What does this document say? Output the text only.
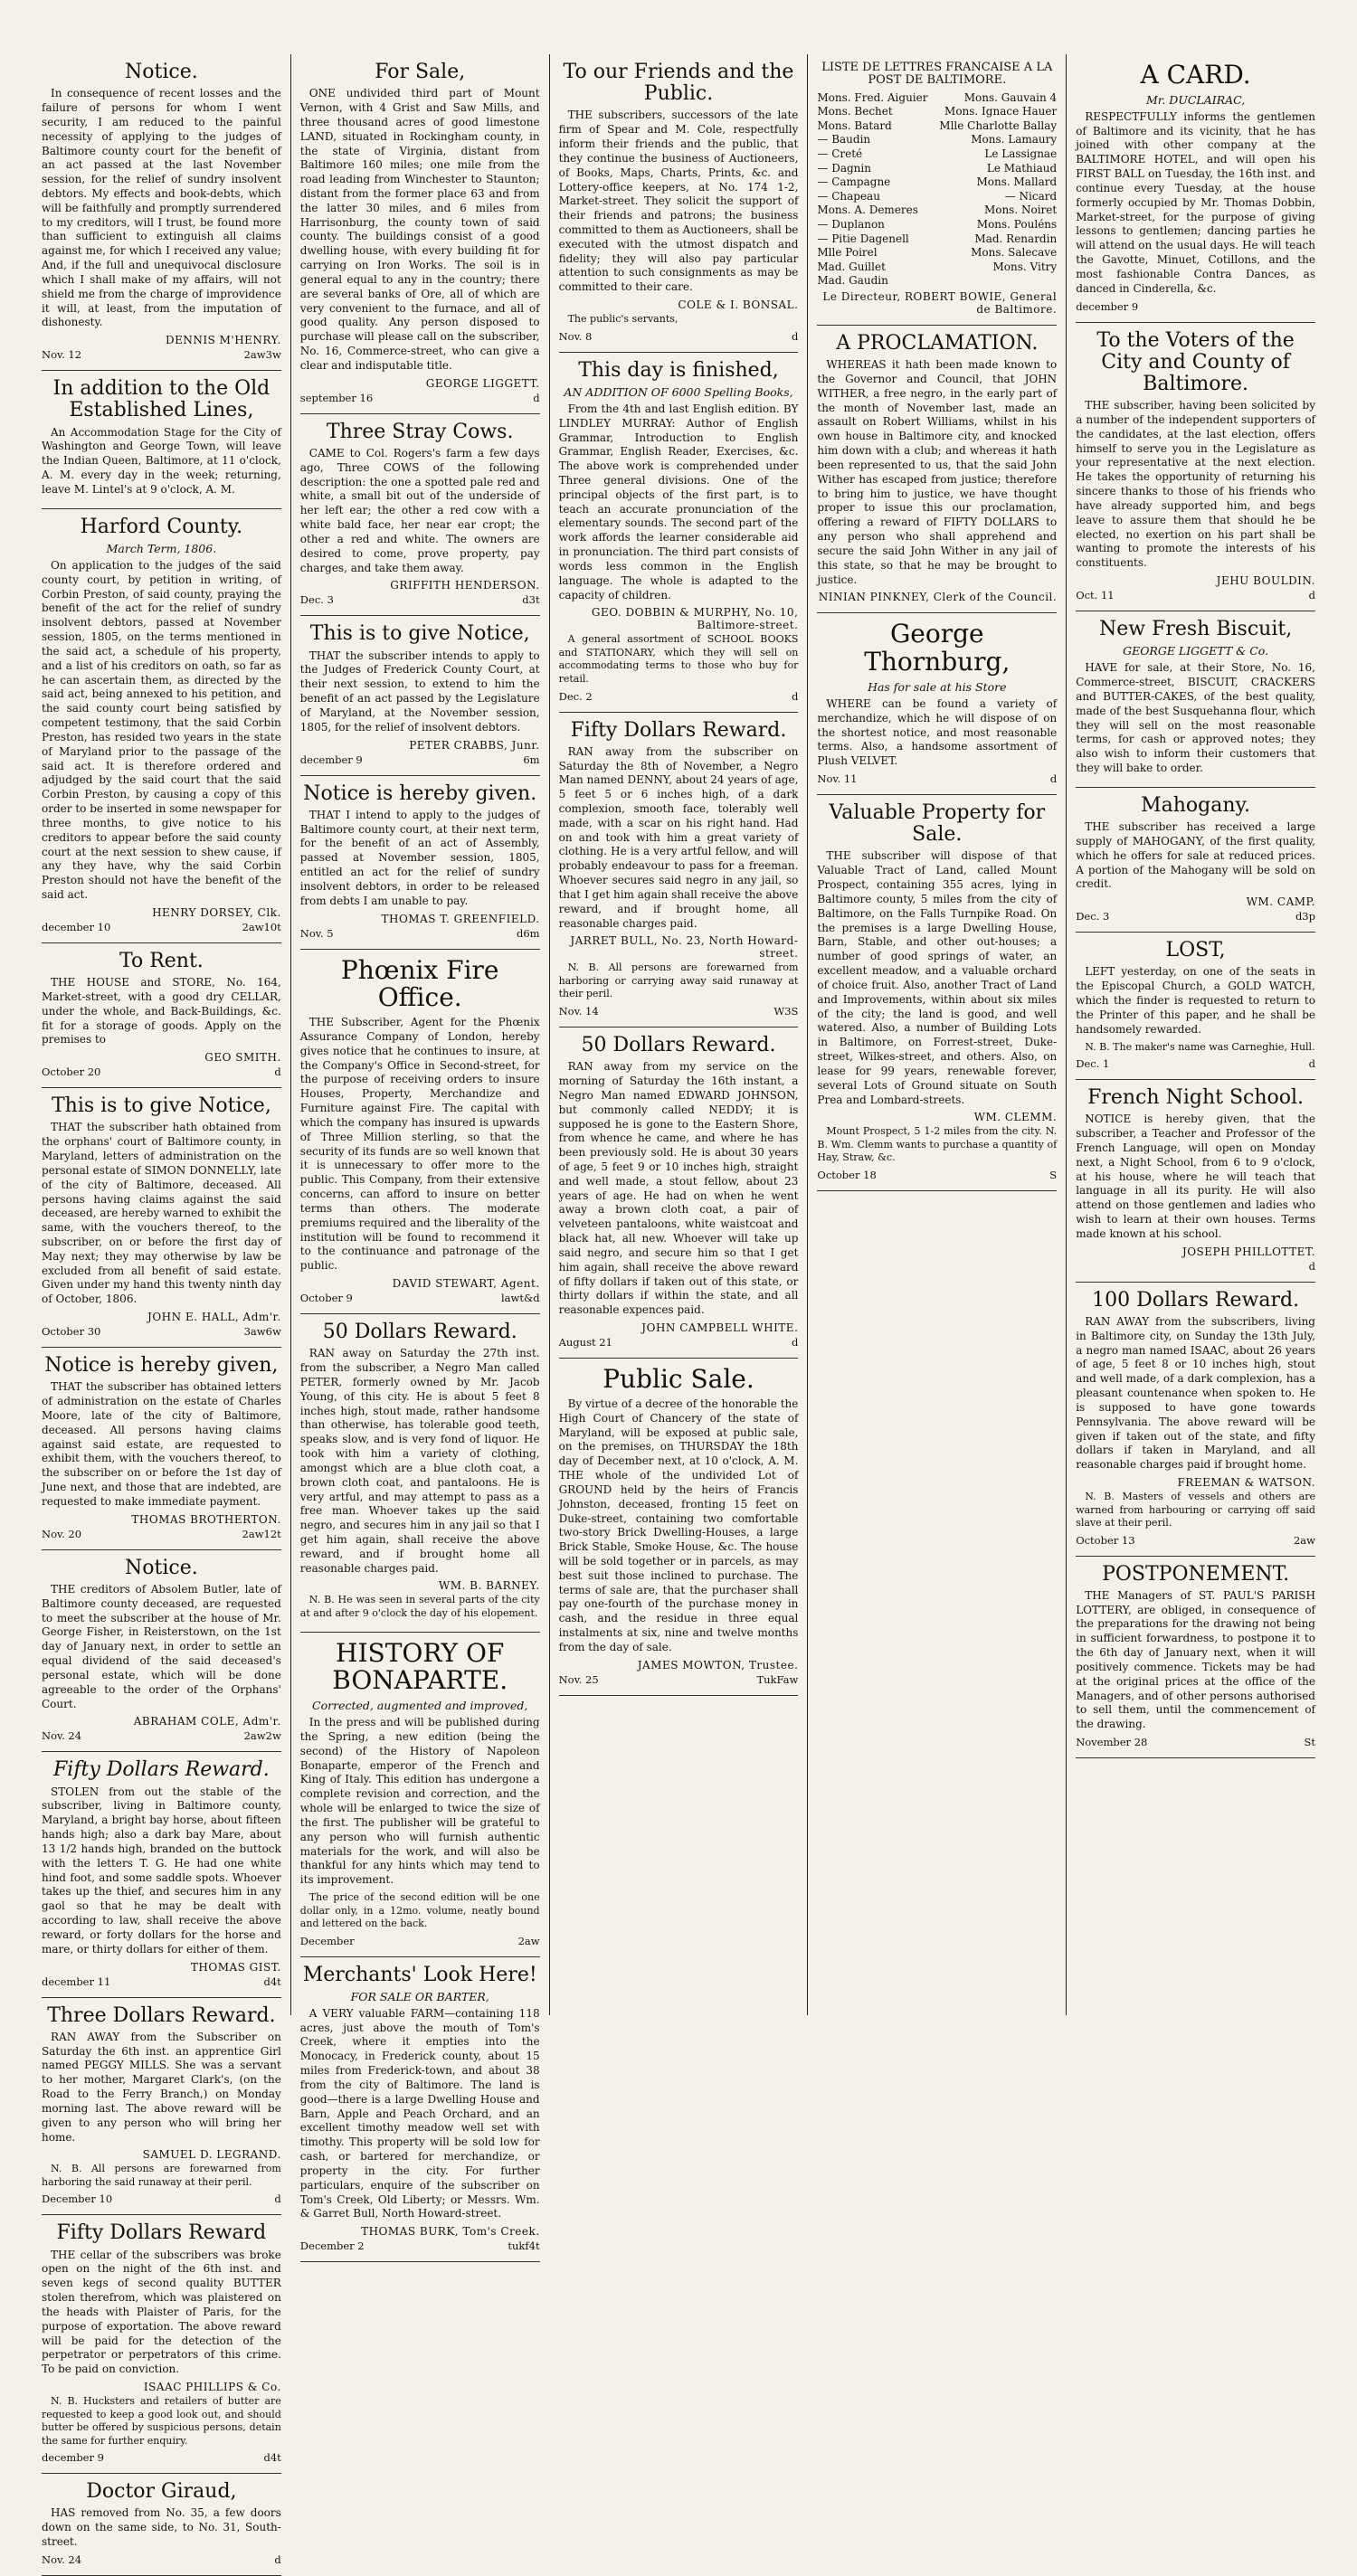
Notice.

In consequence of recent losses and the failure of persons for whom I went security, I am reduced to the painful necessity of applying to the judges of Baltimore county court for the benefit of an act passed at the last November session, for the relief of sundry insolvent debtors. My effects and book-debts, which will be faithfully and promptly surrendered to my creditors, will I trust, be found more than sufficient to extinguish all claims against me, for which I received any value; And, if the full and unequivocal disclosure which I shall make of my affairs, will not shield me from the charge of improvidence it will, at least, from the imputation of dishonesty.

DENNIS M'HENRY.
Nov. 12	2aw3w
In addition to the Old Established Lines,

An Accommodation Stage for the City of Washington and George Town, will leave the Indian Queen, Baltimore, at 11 o'clock, A. M. every day in the week; returning, leave M. Lintel's at 9 o'clock, A. M.

Harford County.
March Term, 1806.

On application to the judges of the said county court, by petition in writing, of Corbin Preston, of said county, praying the benefit of the act for the relief of sundry insolvent debtors, passed at November session, 1805, on the terms mentioned in the said act, a schedule of his property, and a list of his creditors on oath, so far as he can ascertain them, as directed by the said act, being annexed to his petition, and the said county court being satisfied by competent testimony, that the said Corbin Preston, has resided two years in the state of Maryland prior to the passage of the said act. It is therefore ordered and adjudged by the said court that the said Corbin Preston, by causing a copy of this order to be inserted in some newspaper for three months, to give notice to his creditors to appear before the said county court at the next session to shew cause, if any they have, why the said Corbin Preston should not have the benefit of the said act.

HENRY DORSEY, Clk.
december 10	2aw10t
To Rent.

THE HOUSE and STORE, No. 164, Market-street, with a good dry CELLAR, under the whole, and Back-Buildings, &c. fit for a storage of goods. Apply on the premises to

GEO SMITH.
October 20	d
This is to give Notice,

THAT the subscriber hath obtained from the orphans' court of Baltimore county, in Maryland, letters of administration on the personal estate of SIMON DONNELLY, late of the city of Baltimore, deceased. All persons having claims against the said deceased, are hereby warned to exhibit the same, with the vouchers thereof, to the subscriber, on or before the first day of May next; they may otherwise by law be excluded from all benefit of said estate. Given under my hand this twenty ninth day of October, 1806.

JOHN E. HALL, Adm'r.
October 30	3aw6w
Notice is hereby given,

THAT the subscriber has obtained letters of administration on the estate of Charles Moore, late of the city of Baltimore, deceased. All persons having claims against said estate, are requested to exhibit them, with the vouchers thereof, to the subscriber on or before the 1st day of June next, and those that are indebted, are requested to make immediate payment.

THOMAS BROTHERTON.
Nov. 20	2aw12t
Notice.

THE creditors of Absolem Butler, late of Baltimore county deceased, are requested to meet the subscriber at the house of Mr. George Fisher, in Reisterstown, on the 1st day of January next, in order to settle an equal dividend of the said deceased's personal estate, which will be done agreeable to the order of the Orphans' Court.

ABRAHAM COLE, Adm'r.
Nov. 24	2aw2w
Fifty Dollars Reward.

STOLEN from out the stable of the subscriber, living in Baltimore county, Maryland, a bright bay horse, about fifteen hands high; also a dark bay Mare, about 13 1/2 hands high, branded on the buttock with the letters T. G. He had one white hind foot, and some saddle spots. Whoever takes up the thief, and secures him in any gaol so that he may be dealt with according to law, shall receive the above reward, or forty dollars for the horse and mare, or thirty dollars for either of them.

THOMAS GIST.
december 11	d4t
Three Dollars Reward.

RAN AWAY from the Subscriber on Saturday the 6th inst. an apprentice Girl named PEGGY MILLS. She was a servant to her mother, Margaret Clark's, (on the Road to the Ferry Branch,) on Monday morning last. The above reward will be given to any person who will bring her home.

SAMUEL D. LEGRAND.

N. B. All persons are forewarned from harboring the said runaway at their peril.

December 10	d
Fifty Dollars Reward

THE cellar of the subscribers was broke open on the night of the 6th inst. and seven kegs of second quality BUTTER stolen therefrom, which was plaistered on the heads with Plaister of Paris, for the purpose of exportation. The above reward will be paid for the detection of the perpetrator or perpetrators of this crime. To be paid on conviction.

ISAAC PHILLIPS & Co.

N. B. Hucksters and retailers of butter are requested to keep a good look out, and should butter be offered by suspicious persons, detain the same for further enquiry.

december 9	d4t
Doctor Giraud,

HAS removed from No. 35, a few doors down on the same side, to No. 31, South-street.

Nov. 24	d
For Sale,

ONE undivided third part of Mount Vernon, with 4 Grist and Saw Mills, and three thousand acres of good limestone LAND, situated in Rockingham county, in the state of Virginia, distant from Baltimore 160 miles; one mile from the road leading from Winchester to Staunton; distant from the former place 63 and from the latter 30 miles, and 6 miles from Harrisonburg, the county town of said county. The buildings consist of a good dwelling house, with every building fit for carrying on Iron Works. The soil is in general equal to any in the country; there are several banks of Ore, all of which are very convenient to the furnace, and all of good quality. Any person disposed to purchase will please call on the subscriber, No. 16, Commerce-street, who can give a clear and indisputable title.

GEORGE LIGGETT.
september 16	d
Three Stray Cows.

CAME to Col. Rogers's farm a few days ago, Three COWS of the following description: the one a spotted pale red and white, a small bit out of the underside of her left ear; the other a red cow with a white bald face, her near ear cropt; the other a red and white. The owners are desired to come, prove property, pay charges, and take them away.

GRIFFITH HENDERSON.
Dec. 3	d3t
This is to give Notice,

THAT the subscriber intends to apply to the Judges of Frederick County Court, at their next session, to extend to him the benefit of an act passed by the Legislature of Maryland, at the November session, 1805, for the relief of insolvent debtors.

PETER CRABBS, Junr.
december 9	6m
Notice is hereby given.

THAT I intend to apply to the judges of Baltimore county court, at their next term, for the benefit of an act of Assembly, passed at November session, 1805, entitled an act for the relief of sundry insolvent debtors, in order to be released from debts I am unable to pay.

THOMAS T. GREENFIELD.
Nov. 5	d6m
Phœnix Fire Office.

THE Subscriber, Agent for the Phœnix Assurance Company of London, hereby gives notice that he continues to insure, at the Company's Office in Second-street, for the purpose of receiving orders to insure Houses, Property, Merchandize and Furniture against Fire. The capital with which the company has insured is upwards of Three Million sterling, so that the security of its funds are so well known that it is unnecessary to offer more to the public. This Company, from their extensive concerns, can afford to insure on better terms than others. The moderate premiums required and the liberality of the institution will be found to recommend it to the continuance and patronage of the public.

DAVID STEWART, Agent.
October 9	lawt&d
50 Dollars Reward.

RAN away on Saturday the 27th inst. from the subscriber, a Negro Man called PETER, formerly owned by Mr. Jacob Young, of this city. He is about 5 feet 8 inches high, stout made, rather handsome than otherwise, has tolerable good teeth, speaks slow, and is very fond of liquor. He took with him a variety of clothing, amongst which are a blue cloth coat, a brown cloth coat, and pantaloons. He is very artful, and may attempt to pass as a free man. Whoever takes up the said negro, and secures him in any jail so that I get him again, shall receive the above reward, and if brought home all reasonable charges paid.

WM. B. BARNEY.

N. B. He was seen in several parts of the city at and after 9 o'clock the day of his elopement.

HISTORY OF BONAPARTE.
Corrected, augmented and improved,

In the press and will be published during the Spring, a new edition (being the second) of the History of Napoleon Bonaparte, emperor of the French and King of Italy. This edition has undergone a complete revision and correction, and the whole will be enlarged to twice the size of the first. The publisher will be grateful to any person who will furnish authentic materials for the work, and will also be thankful for any hints which may tend to its improvement.

The price of the second edition will be one dollar only, in a 12mo. volume, neatly bound and lettered on the back.

December	2aw
Merchants' Look Here!
FOR SALE OR BARTER,

A VERY valuable FARM—containing 118 acres, just above the mouth of Tom's Creek, where it empties into the Monocacy, in Frederick county, about 15 miles from Frederick-town, and about 38 from the city of Baltimore. The land is good—there is a large Dwelling House and Barn, Apple and Peach Orchard, and an excellent timothy meadow well set with timothy. This property will be sold low for cash, or bartered for merchandize, or property in the city. For further particulars, enquire of the subscriber on Tom's Creek, Old Liberty; or Messrs. Wm. & Garret Bull, North Howard-street.

THOMAS BURK, Tom's Creek.
December 2	tukf4t
To our Friends and the Public.

THE subscribers, successors of the late firm of Spear and M. Cole, respectfully inform their friends and the public, that they continue the business of Auctioneers, of Books, Maps, Charts, Prints, &c. and Lottery-office keepers, at No. 174 1-2, Market-street. They solicit the support of their friends and patrons; the business committed to them as Auctioneers, shall be executed with the utmost dispatch and fidelity; they will also pay particular attention to such consignments as may be committed to their care.

COLE & I. BONSAL.

The public's servants,

Nov. 8	d
This day is finished,
AN ADDITION OF 6000 Spelling Books,

From the 4th and last English edition. BY LINDLEY MURRAY: Author of English Grammar, Introduction to English Grammar, English Reader, Exercises, &c. The above work is comprehended under Three general divisions. One of the principal objects of the first part, is to teach an accurate pronunciation of the elementary sounds. The second part of the work affords the learner considerable aid in pronunciation. The third part consists of words less common in the English language. The whole is adapted to the capacity of children.

GEO. DOBBIN & MURPHY, No. 10, Baltimore-street.

A general assortment of SCHOOL BOOKS and STATIONARY, which they will sell on accommodating terms to those who buy for retail.

Dec. 2	d
Fifty Dollars Reward.

RAN away from the subscriber on Saturday the 8th of November, a Negro Man named DENNY, about 24 years of age, 5 feet 5 or 6 inches high, of a dark complexion, smooth face, tolerably well made, with a scar on his right hand. Had on and took with him a great variety of clothing. He is a very artful fellow, and will probably endeavour to pass for a freeman. Whoever secures said negro in any jail, so that I get him again shall receive the above reward, and if brought home, all reasonable charges paid.

JARRET BULL, No. 23, North Howard-street.

N. B. All persons are forewarned from harboring or carrying away said runaway at their peril.

Nov. 14	W3S
50 Dollars Reward.

RAN away from my service on the morning of Saturday the 16th instant, a Negro Man named EDWARD JOHNSON, but commonly called NEDDY; it is supposed he is gone to the Eastern Shore, from whence he came, and where he has been previously sold. He is about 30 years of age, 5 feet 9 or 10 inches high, straight and well made, a stout fellow, about 23 years of age. He had on when he went away a brown cloth coat, a pair of velveteen pantaloons, white waistcoat and black hat, all new. Whoever will take up said negro, and secure him so that I get him again, shall receive the above reward of fifty dollars if taken out of this state, or thirty dollars if within the state, and all reasonable expences paid.

JOHN CAMPBELL WHITE.
August 21	d
Public Sale.

By virtue of a decree of the honorable the High Court of Chancery of the state of Maryland, will be exposed at public sale, on the premises, on THURSDAY the 18th day of December next, at 10 o'clock, A. M. THE whole of the undivided Lot of GROUND held by the heirs of Francis Johnston, deceased, fronting 15 feet on Duke-street, containing two comfortable two-story Brick Dwelling-Houses, a large Brick Stable, Smoke House, &c. The house will be sold together or in parcels, as may best suit those inclined to purchase. The terms of sale are, that the purchaser shall pay one-fourth of the purchase money in cash, and the residue in three equal instalments at six, nine and twelve months from the day of sale.

JAMES MOWTON, Trustee.
Nov. 25	TukFaw
LISTE DE LETTRES FRANCAISE A LA POST DE BALTIMORE.
Mons. Fred. Aiguier	Mons. Gauvain 4
Mons. Bechet	Mons. Ignace Hauer
Mons. Batard	Mlle Charlotte Ballay
— Baudin	Mons. Lamaury
— Creté	Le Lassignae
— Dagnin	Le Mathiaud
— Campagne	Mons. Mallard
— Chapeau	— Nicard
Mons. A. Demeres	Mons. Noiret
— Duplanon	Mons. Pouléns
— Pitie Dagenell	Mad. Renardin
Mlle Poirel	Mons. Salecave
Mad. Guillet	Mons. Vitry
Mad. Gaudin
Le Directeur, ROBERT BOWIE, General de Baltimore.
A PROCLAMATION.

WHEREAS it hath been made known to the Governor and Council, that JOHN WITHER, a free negro, in the early part of the month of November last, made an assault on Robert Williams, whilst in his own house in Baltimore city, and knocked him down with a club; and whereas it hath been represented to us, that the said John Wither has escaped from justice; therefore to bring him to justice, we have thought proper to issue this our proclamation, offering a reward of FIFTY DOLLARS to any person who shall apprehend and secure the said John Wither in any jail of this state, so that he may be brought to justice.

NINIAN PINKNEY, Clerk of the Council.
George Thornburg,
Has for sale at his Store

WHERE can be found a variety of merchandize, which he will dispose of on the shortest notice, and most reasonable terms. Also, a handsome assortment of Plush VELVET.

Nov. 11	d
Valuable Property for Sale.

THE subscriber will dispose of that Valuable Tract of Land, called Mount Prospect, containing 355 acres, lying in Baltimore county, 5 miles from the city of Baltimore, on the Falls Turnpike Road. On the premises is a large Dwelling House, Barn, Stable, and other out-houses; a number of good springs of water, an excellent meadow, and a valuable orchard of choice fruit. Also, another Tract of Land and Improvements, within about six miles of the city; the land is good, and well watered. Also, a number of Building Lots in Baltimore, on Forrest-street, Duke-street, Wilkes-street, and others. Also, on lease for 99 years, renewable forever, several Lots of Ground situate on South Prea and Lombard-streets.

WM. CLEMM.

Mount Prospect, 5 1-2 miles from the city. N. B. Wm. Clemm wants to purchase a quantity of Hay, Straw, &c.

October 18	S
A CARD.
Mr. DUCLAIRAC,

RESPECTFULLY informs the gentlemen of Baltimore and its vicinity, that he has joined with other company at the BALTIMORE HOTEL, and will open his FIRST BALL on Tuesday, the 16th inst. and continue every Tuesday, at the house formerly occupied by Mr. Thomas Dobbin, Market-street, for the purpose of giving lessons to gentlemen; dancing parties he will attend on the usual days. He will teach the Gavotte, Minuet, Cotillons, and the most fashionable Contra Dances, as danced in Cinderella, &c.

december 9
To the Voters of the City and County of Baltimore.

THE subscriber, having been solicited by a number of the independent supporters of the candidates, at the last election, offers himself to serve you in the Legislature as your representative at the next election. He takes the opportunity of returning his sincere thanks to those of his friends who have already supported him, and begs leave to assure them that should he be elected, no exertion on his part shall be wanting to promote the interests of his constituents.

JEHU BOULDIN.
Oct. 11	d
New Fresh Biscuit,
GEORGE LIGGETT & Co.

HAVE for sale, at their Store, No. 16, Commerce-street, BISCUIT, CRACKERS and BUTTER-CAKES, of the best quality, made of the best Susquehanna flour, which they will sell on the most reasonable terms, for cash or approved notes; they also wish to inform their customers that they will bake to order.

Mahogany.

THE subscriber has received a large supply of MAHOGANY, of the first quality, which he offers for sale at reduced prices. A portion of the Mahogany will be sold on credit.

WM. CAMP.
Dec. 3	d3p
LOST,

LEFT yesterday, on one of the seats in the Episcopal Church, a GOLD WATCH, which the finder is requested to return to the Printer of this paper, and he shall be handsomely rewarded.

N. B. The maker's name was Carneghie, Hull.

Dec. 1	d
French Night School.

NOTICE is hereby given, that the subscriber, a Teacher and Professor of the French Language, will open on Monday next, a Night School, from 6 to 9 o'clock, at his house, where he will teach that language in all its purity. He will also attend on those gentlemen and ladies who wish to learn at their own houses. Terms made known at his school.

JOSEPH PHILLOTTET.
d
100 Dollars Reward.

RAN AWAY from the subscribers, living in Baltimore city, on Sunday the 13th July, a negro man named ISAAC, about 26 years of age, 5 feet 8 or 10 inches high, stout and well made, of a dark complexion, has a pleasant countenance when spoken to. He is supposed to have gone towards Pennsylvania. The above reward will be given if taken out of the state, and fifty dollars if taken in Maryland, and all reasonable charges paid if brought home.

FREEMAN & WATSON.

N. B. Masters of vessels and others are warned from harbouring or carrying off said slave at their peril.

October 13	2aw
POSTPONEMENT.

THE Managers of ST. PAUL'S PARISH LOTTERY, are obliged, in consequence of the preparations for the drawing not being in sufficient forwardness, to postpone it to the 6th day of January next, when it will positively commence. Tickets may be had at the original prices at the office of the Managers, and of other persons authorised to sell them, until the commencement of the drawing.

November 28	St
